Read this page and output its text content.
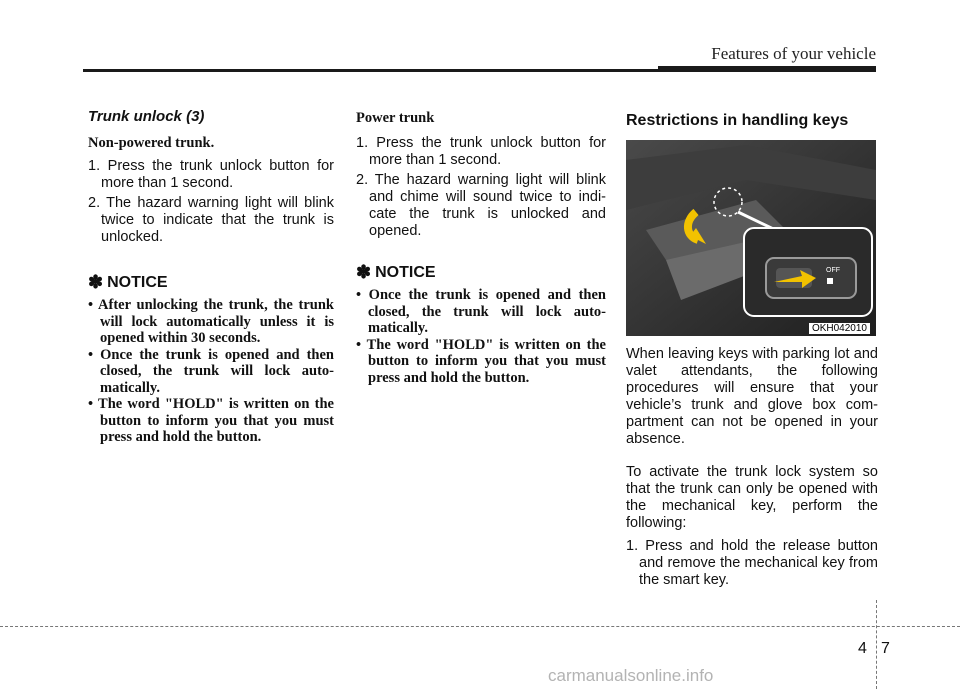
Features of your vehicle

Trunk unlock (3)

Non-powered trunk.

1. Press the trunk unlock button for more than 1 second.

2. The hazard warning light will blink twice to indicate that the trunk is unlocked.

✽ NOTICE

• After unlocking the trunk, the trunk will lock automatically unless it is opened within 30 seconds.

• Once the trunk is opened and then closed, the trunk will lock auto-matically.

• The word "HOLD" is written on the button to inform you that you must press and hold the button.

Power trunk

1. Press the trunk unlock button for more than 1 second.

2. The hazard warning light will blink and chime will sound twice to indi-cate the trunk is unlocked and opened.

✽ NOTICE

• Once the trunk is opened and then closed, the trunk will lock auto-matically.

• The word "HOLD" is written on the button to inform you that you must press and hold the button.

Restrictions in handling keys

OFF
OKH042010

When leaving keys with parking lot and valet attendants, the following procedures will ensure that your vehicle’s trunk and glove box com-partment can not be opened in your absence.

To activate the trunk lock system so that the trunk can only be opened with the mechanical key, perform the following:

1. Press and hold the release button and remove the mechanical key from the smart key.

4 7
carmanualsonline.info
